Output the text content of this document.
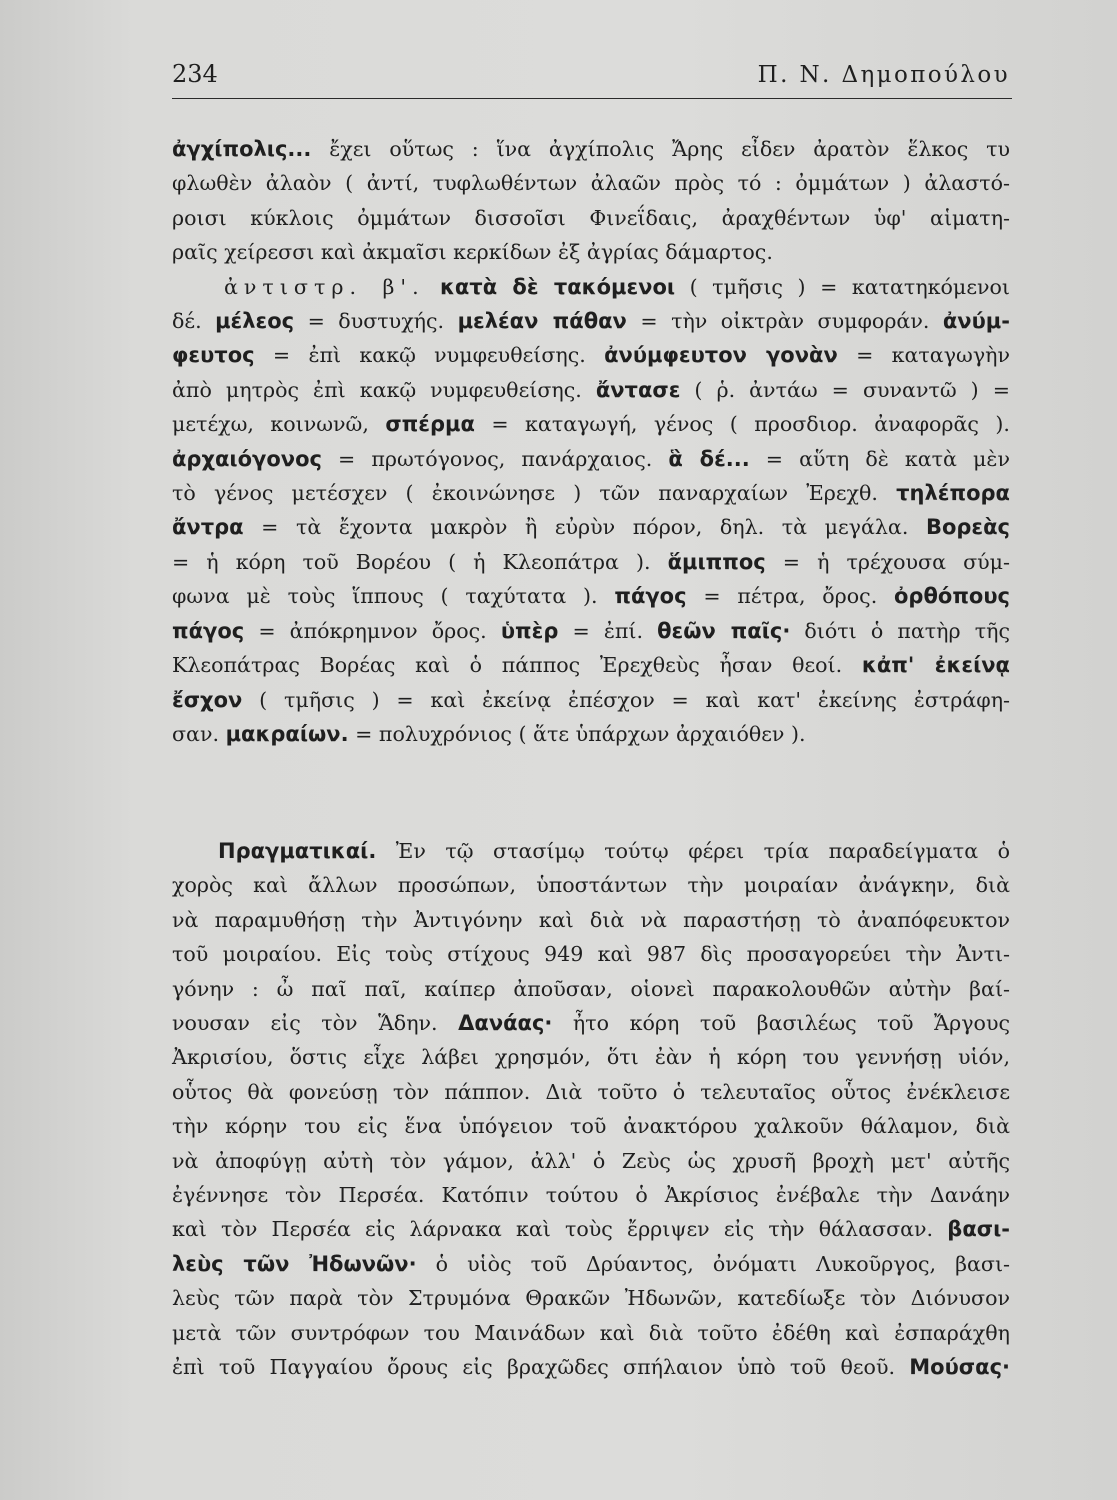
234	Π. Ν. Δημοπούλου
ἀγχίπολις... ἔχει οὕτως : ἵνα ἀγχίπολις Ἄρης εἶδεν ἀρατὸν ἕλκος τυ
φλωθὲν ἀλαὸν ( ἀντί, τυφλωθέντων ἀλαῶν πρὸς τό : ὀμμάτων ) ἀλαστό-
ροισι κύκλοις ὀμμάτων δισσοῖσι Φινεΐδαις, ἀραχθέντων ὑφ' αἱματη-
ραῖς χείρεσσι καὶ ἀκμαῖσι κερκίδων ἐξ ἀγρίας δάμαρτος.
ἀντιστρ. β'. κατὰ δὲ τακόμενοι ( τμῆσις ) = κατατηκόμενοι
δέ. μέλεος = δυστυχής. μελέαν πάθαν = τὴν οἰκτρὰν συμφοράν. ἀνύμ-
φευτος = ἐπὶ κακῷ νυμφευθείσης. ἀνύμφευτον γονὰν = καταγωγὴν
ἀπὸ μητρὸς ἐπὶ κακῷ νυμφευθείσης. ἄντασε ( ῥ. ἀντάω = συναντῶ ) =
μετέχω, κοινωνῶ, σπέρμα = καταγωγή, γένος ( προσδιορ. ἀναφορᾶς ).
ἀρχαιόγονος = πρωτόγονος, πανάρχαιος. ἃ δέ... = αὕτη δὲ κατὰ μὲν
τὸ γένος μετέσχεν ( ἐκοινώνησε ) τῶν παναρχαίων Ἐρεχθ. τηλέπορα
ἄντρα = τὰ ἔχοντα μακρὸν ἢ εὐρὺν πόρον, δηλ. τὰ μεγάλα. Βορεὰς
= ἡ κόρη τοῦ Βορέου ( ἡ Κλεοπάτρα ). ἅμιππος = ἡ τρέχουσα σύμ-
φωνα μὲ τοὺς ἵππους ( ταχύτατα ). πάγος = πέτρα, ὄρος. ὀρθόπους
πάγος = ἀπόκρημνον ὄρος. ὑπὲρ = ἐπί. θεῶν παῖς· διότι ὁ πατὴρ τῆς
Κλεοπάτρας Βορέας καὶ ὁ πάππος Ἐρεχθεὺς ἦσαν θεοί. κἀπ' ἐκείνᾳ
ἔσχον ( τμῆσις ) = καὶ ἐκείνᾳ ἐπέσχον = καὶ κατ' ἐκείνης ἐστράφη-
σαν. μακραίων. = πολυχρόνιος ( ἅτε ὑπάρχων ἀρχαιόθεν ).
Πραγματικαί. Ἐν τῷ στασίμῳ τούτῳ φέρει τρία παραδείγματα ὁ
χορὸς καὶ ἄλλων προσώπων, ὑποστάντων τὴν μοιραίαν ἀνάγκην, διὰ
νὰ παραμυθήσῃ τὴν Ἀντιγόνην καὶ διὰ νὰ παραστήσῃ τὸ ἀναπόφευκτον
τοῦ μοιραίου. Εἰς τοὺς στίχους 949 καὶ 987 δὶς προσαγορεύει τὴν Ἀντι-
γόνην : ὦ παῖ παῖ, καίπερ ἀποῦσαν, οἱονεὶ παρακολουθῶν αὐτὴν βαί-
νουσαν εἰς τὸν Ἅδην. Δανάας· ἦτο κόρη τοῦ βασιλέως τοῦ Ἄργους
Ἀκρισίου, ὅστις εἶχε λάβει χρησμόν, ὅτι ἐὰν ἡ κόρη του γεννήσῃ υἱόν,
οὗτος θὰ φονεύσῃ τὸν πάππον. Διὰ τοῦτο ὁ τελευταῖος οὗτος ἐνέκλεισε
τὴν κόρην του εἰς ἕνα ὑπόγειον τοῦ ἀνακτόρου χαλκοῦν θάλαμον, διὰ
νὰ ἀποφύγῃ αὐτὴ τὸν γάμον, ἀλλ' ὁ Ζεὺς ὡς χρυσῆ βροχὴ μετ' αὐτῆς
ἐγέννησε τὸν Περσέα. Κατόπιν τούτου ὁ Ἀκρίσιος ἐνέβαλε τὴν Δανάην
καὶ τὸν Περσέα εἰς λάρνακα καὶ τοὺς ἔρριψεν εἰς τὴν θάλασσαν. βασι-
λεὺς τῶν Ἠδωνῶν· ὁ υἱὸς τοῦ Δρύαντος, ὀνόματι Λυκοῦργος, βασι-
λεὺς τῶν παρὰ τὸν Στρυμόνα Θρακῶν Ἠδωνῶν, κατεδίωξε τὸν Διόνυσον
μετὰ τῶν συντρόφων του Μαινάδων καὶ διὰ τοῦτο ἐδέθη καὶ ἐσπαράχθη
ἐπὶ τοῦ Παγγαίου ὄρους εἰς βραχῶδες σπήλαιον ὑπὸ τοῦ θεοῦ. Μούσας·
